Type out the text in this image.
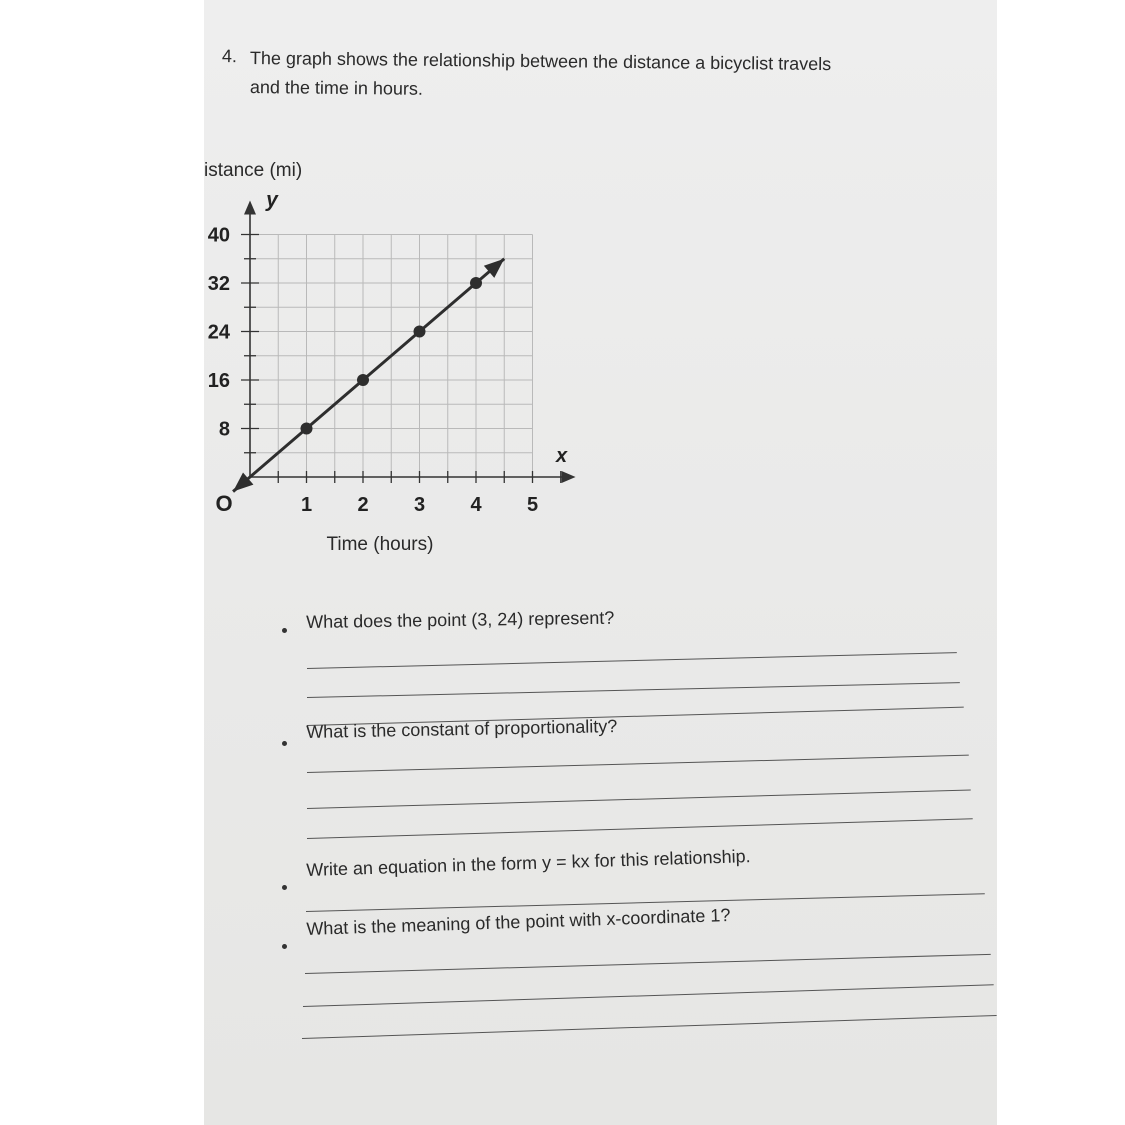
4. The graph shows the relationship between the distance a bicyclist travels
and the time in hours.
1 2 3 4 5
8
16
24
32
40
O
x
y
istance (mi)
Time (hours)
What does the point (3, 24) represent?
What is the constant of proportionality?
Write an equation in the form y = kx for this relationship.
What is the meaning of the point with x-coordinate 1?
